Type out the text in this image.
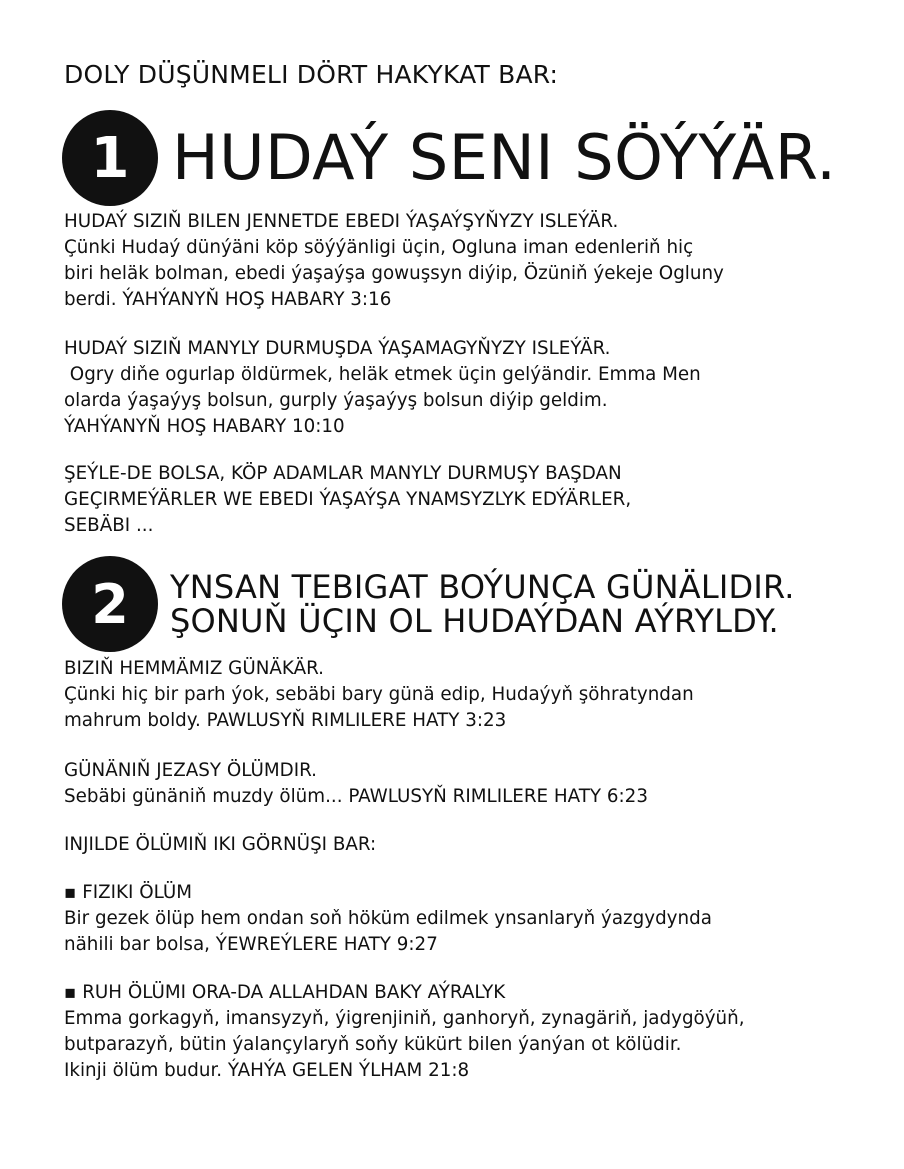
DOLY DÜŞÜNMELI DÖRT HAKYKAT BAR:
1 HUDAÝ SENI SÖÝÝÄR.

HUDAÝ SIZIŇ BILEN JENNETDE EBEDI ÝAŞAÝŞYŇYZY ISLEÝÄR.
Çünki Hudaý dünýäni köp söýýänligi üçin, Ogluna iman edenleriň hiç
biri heläk bolman, ebedi ýaşaýşa gowuşsyn diýip, Özüniň ýekeje Ogluny
berdi. ÝAHÝANYŇ HOŞ HABARY 3:16

HUDAÝ SIZIŇ MANYLY DURMUŞDA ÝAŞAMAGYŇYZY ISLEÝÄR.
Ogry diňe ogurlap öldürmek, heläk etmek üçin gelýändir. Emma Men
olarda ýaşaýyş bolsun, gurply ýaşaýyş bolsun diýip geldim.
ÝAHÝANYŇ HOŞ HABARY 10:10

ŞEÝLE-DE BOLSA, KÖP ADAMLAR MANYLY DURMUŞY BAŞDAN
GEÇIRMEÝÄRLER WE EBEDI ÝAŞAÝŞA YNAMSYZLYK EDÝÄRLER,
SEBÄBI ...

2	YNSAN TEBIGAT BOÝUNÇA GÜNÄLIDIR.
ŞONUŇ ÜÇIN OL HUDAÝDAN AÝRYLDY.

BIZIŇ HEMMÄMIZ GÜNÄKÄR.
Çünki hiç bir parh ýok, sebäbi bary günä edip, Hudaýyň şöhratyndan
mahrum boldy. PAWLUSYŇ RIMLILERE HATY 3:23

GÜNÄNIŇ JEZASY ÖLÜMDIR.
Sebäbi günäniň muzdy ölüm... PAWLUSYŇ RIMLILERE HATY 6:23

INJILDE ÖLÜMIŇ IKI GÖRNÜŞI BAR:

▪ FIZIKI ÖLÜM
Bir gezek ölüp hem ondan soň höküm edilmek ynsanlaryň ýazgydynda
nähili bar bolsa, ÝEWREÝLERE HATY 9:27

▪ RUH ÖLÜMI ORA-DA ALLAHDAN BAKY AÝRALYK
Emma gorkagyň, imansyzyň, ýigrenjiniň, ganhoryň, zynagäriň, jadygöýüň,
butparazyň, bütin ýalançylaryň soňy kükürt bilen ýanýan ot kölüdir.
Ikinji ölüm budur. ÝAHÝA GELEN ÝLHAM 21:8
